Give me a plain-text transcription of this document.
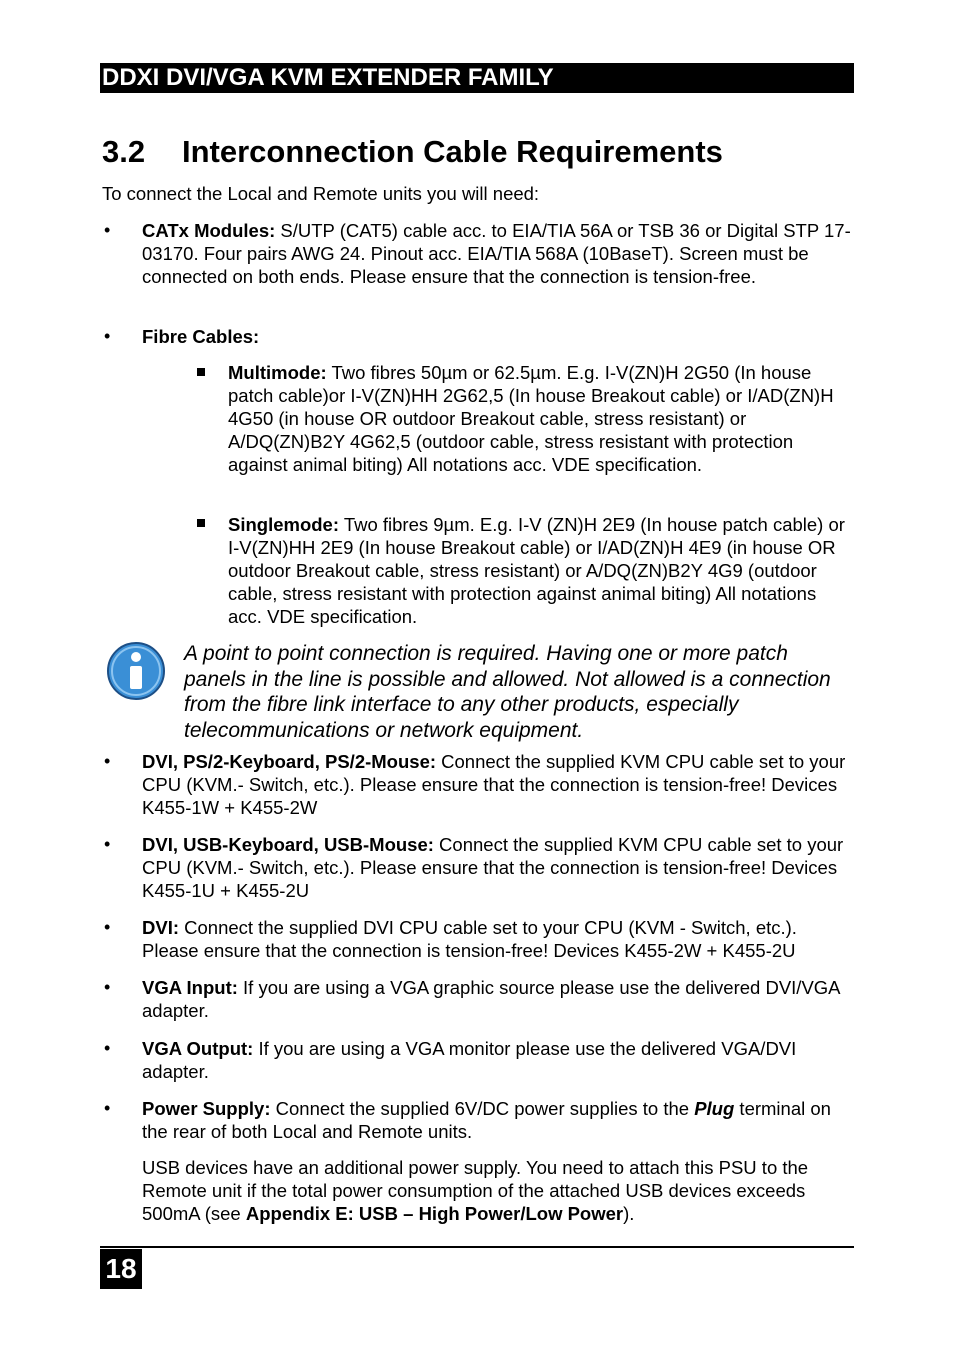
DDXI DVI/VGA KVM EXTENDER FAMILY
3.2 Interconnection Cable Requirements
To connect the Local and Remote units you will need:
• CATx Modules: S/UTP (CAT5) cable acc. to EIA/TIA 56A or TSB 36 or Digital STP 17-03170. Four pairs AWG 24. Pinout acc. EIA/TIA 568A (10BaseT). Screen must be connected on both ends. Please ensure that the connection is tension-free.
• Fibre Cables:
Multimode: Two fibres 50µm or 62.5µm. E.g. I-V(ZN)H 2G50 (In house patch cable)or I-V(ZN)HH 2G62,5 (In house Breakout cable) or I/AD(ZN)H 4G50 (in house OR outdoor Breakout cable, stress resistant) or A/DQ(ZN)B2Y 4G62,5 (outdoor cable, stress resistant with protection against animal biting) All notations acc. VDE specification.
Singlemode: Two fibres 9µm. E.g. I-V (ZN)H 2E9 (In house patch cable) or I-V(ZN)HH 2E9 (In house Breakout cable) or I/AD(ZN)H 4E9 (in house OR outdoor Breakout cable, stress resistant) or A/DQ(ZN)B2Y 4G9 (outdoor cable, stress resistant with protection against animal biting) All notations acc. VDE specification.
A point to point connection is required. Having one or more patch panels in the line is possible and allowed. Not allowed is a connection from the fibre link interface to any other products, especially telecommunications or network equipment.
• DVI, PS/2-Keyboard, PS/2-Mouse: Connect the supplied KVM CPU cable set to your CPU (KVM.- Switch, etc.). Please ensure that the connection is tension-free! Devices K455-1W + K455-2W
• DVI, USB-Keyboard, USB-Mouse: Connect the supplied KVM CPU cable set to your CPU (KVM.- Switch, etc.). Please ensure that the connection is tension-free! Devices K455-1U + K455-2U
• DVI: Connect the supplied DVI CPU cable set to your CPU (KVM - Switch, etc.). Please ensure that the connection is tension-free! Devices K455-2W + K455-2U
• VGA Input: If you are using a VGA graphic source please use the delivered DVI/VGA adapter.
• VGA Output: If you are using a VGA monitor please use the delivered VGA/DVI adapter.
• Power Supply: Connect the supplied 6V/DC power supplies to the Plug terminal on the rear of both Local and Remote units.
USB devices have an additional power supply. You need to attach this PSU to the Remote unit if the total power consumption of the attached USB devices exceeds 500mA (see Appendix E: USB – High Power/Low Power).
18
